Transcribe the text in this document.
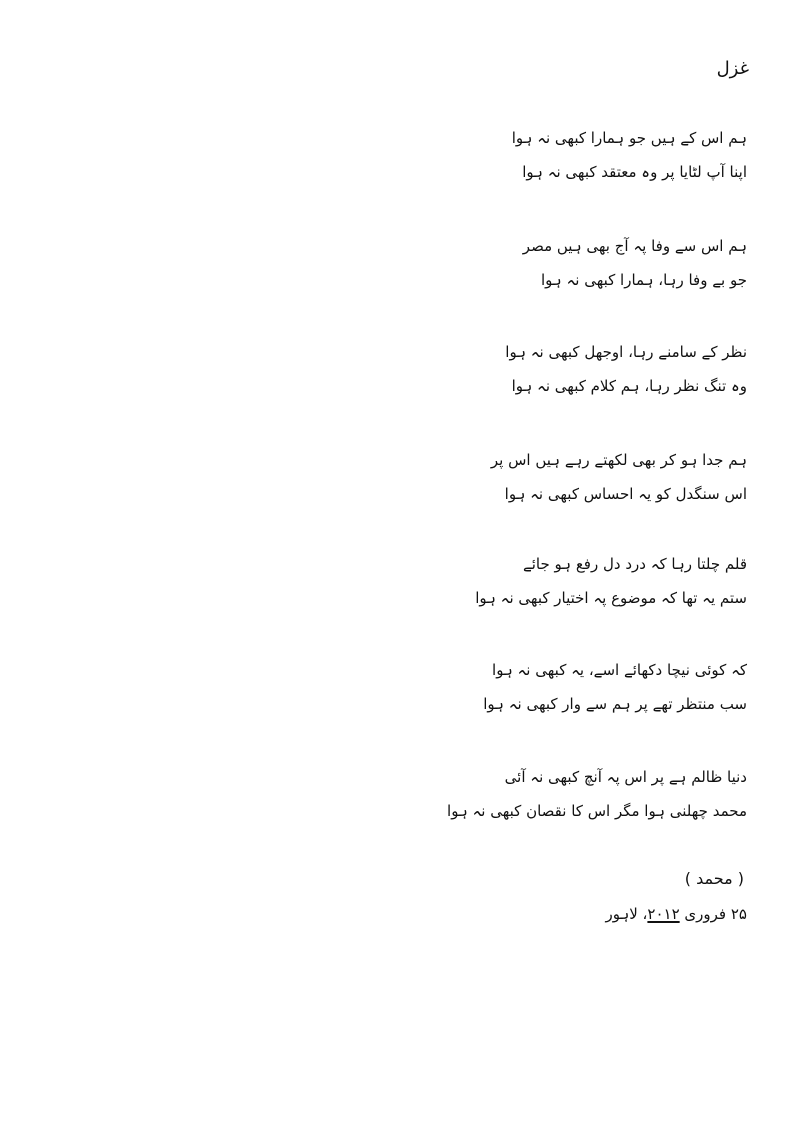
غزل
ہم اس کے ہیں جو ہمارا کبھی نہ ہوا
اپنا آپ لٹایا پر وہ معتقد کبھی نہ ہوا
ہم اس سے وفا پہ آج بھی ہیں مصر
جو بے وفا رہا، ہمارا کبھی نہ ہوا
نظر کے سامنے رہا، اوجھل کبھی نہ ہوا
وہ تنگ نظر رہا، ہم کلام کبھی نہ ہوا
ہم جدا ہو کر بھی لکھتے رہے ہیں اس پر
اس سنگدل کو یہ احساس کبھی نہ ہوا
قلم چلتا رہا کہ درد دل رفع ہو جائے
ستم یہ تھا کہ موضوع پہ اختیار کبھی نہ ہوا
کہ کوئی نیچا دکھائے اسے، یہ کبھی نہ ہوا
سب منتظر تھے پر ہم سے وار کبھی نہ ہوا
دنیا ظالم ہے پر اس پہ آنچ کبھی نہ آئی
محمد چھلنی ہوا مگر اس کا نقصان کبھی نہ ہوا
( محمد )
۲۵ فروری ۲۰۱۲، لاہور
